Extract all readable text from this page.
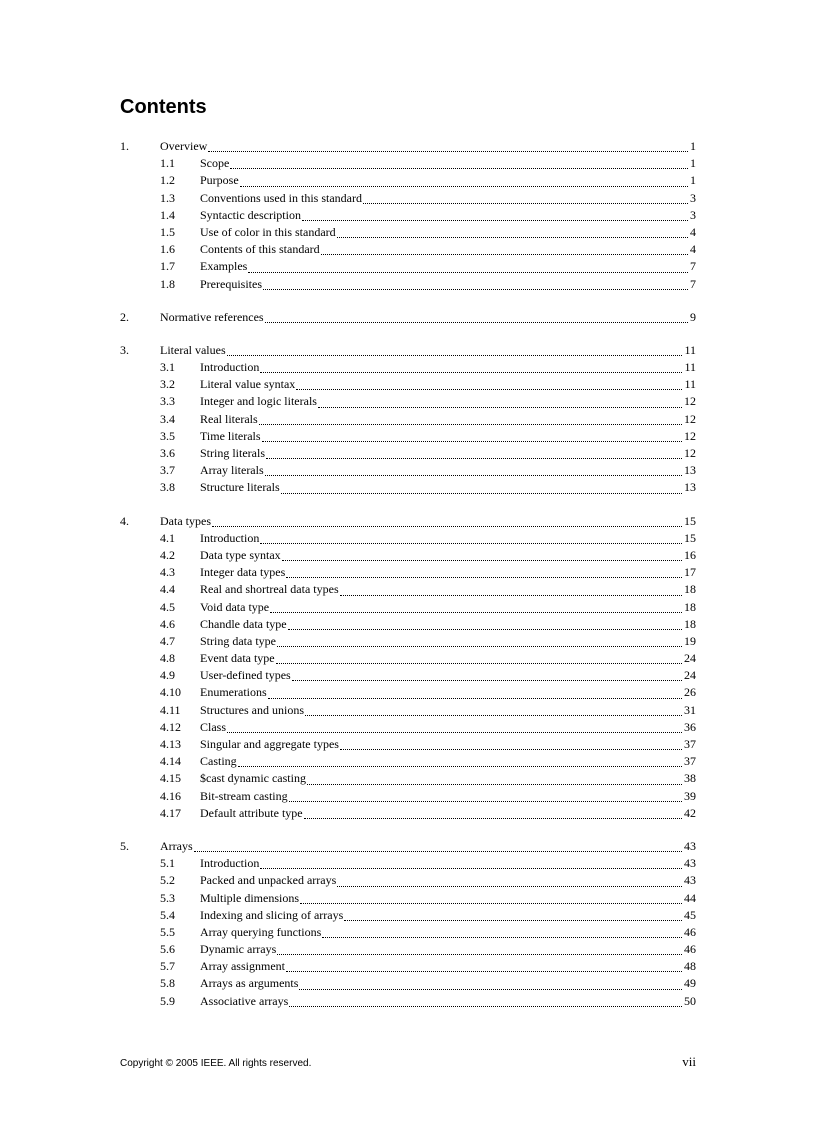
Contents
1.	Overview	1
1.1	Scope	1
1.2	Purpose	1
1.3	Conventions used in this standard	3
1.4	Syntactic description	3
1.5	Use of color in this standard	4
1.6	Contents of this standard	4
1.7	Examples	7
1.8	Prerequisites	7
2.	Normative references	9
3.	Literal values	11
3.1	Introduction	11
3.2	Literal value syntax	11
3.3	Integer and logic literals	12
3.4	Real literals	12
3.5	Time literals	12
3.6	String literals	12
3.7	Array literals	13
3.8	Structure literals	13
4.	Data types	15
4.1	Introduction	15
4.2	Data type syntax	16
4.3	Integer data types	17
4.4	Real and shortreal data types	18
4.5	Void data type	18
4.6	Chandle data type	18
4.7	String data type	19
4.8	Event data type	24
4.9	User-defined types	24
4.10	Enumerations	26
4.11	Structures and unions	31
4.12	Class	36
4.13	Singular and aggregate types	37
4.14	Casting	37
4.15	$cast dynamic casting	38
4.16	Bit-stream casting	39
4.17	Default attribute type	42
5.	Arrays	43
5.1	Introduction	43
5.2	Packed and unpacked arrays	43
5.3	Multiple dimensions	44
5.4	Indexing and slicing of arrays	45
5.5	Array querying functions	46
5.6	Dynamic arrays	46
5.7	Array assignment	48
5.8	Arrays as arguments	49
5.9	Associative arrays	50
Copyright © 2005 IEEE. All rights reserved.	vii
